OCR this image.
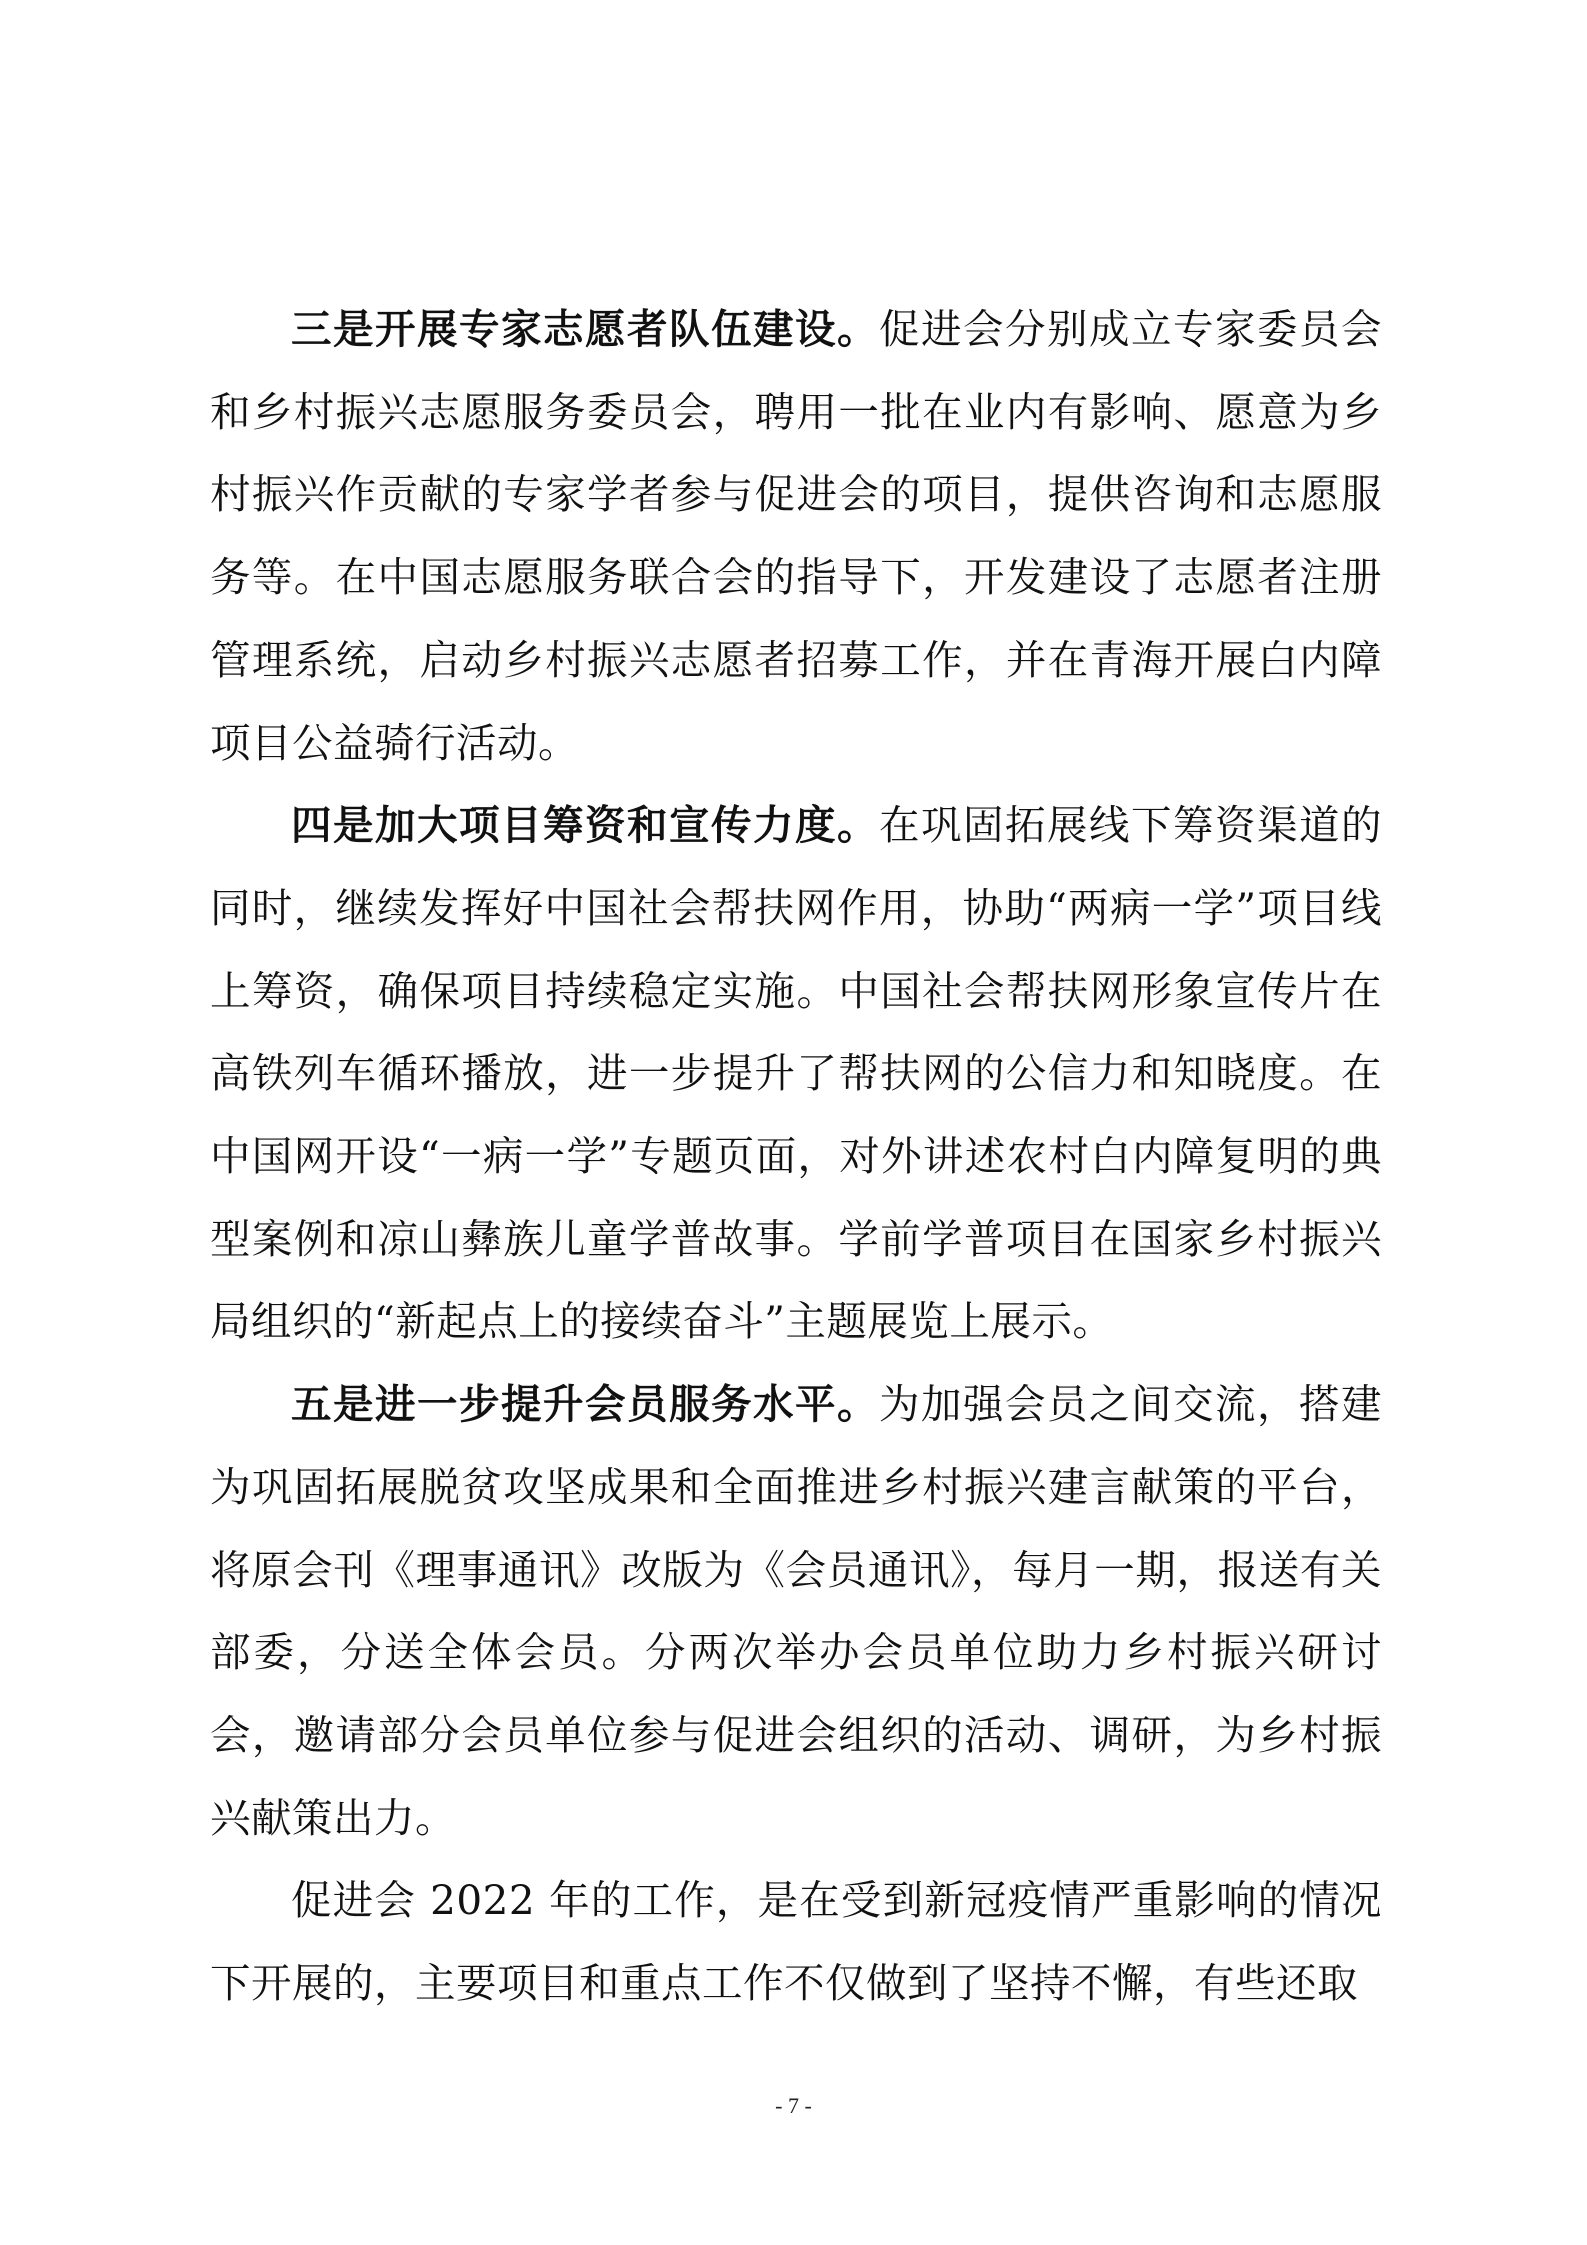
三是开展专家志愿者队伍建设。促进会分别成立专家委员会和乡村振兴志愿服务委员会，聘用一批在业内有影响、愿意为乡村振兴作贡献的专家学者参与促进会的项目，提供咨询和志愿服务等。在中国志愿服务联合会的指导下，开发建设了志愿者注册管理系统，启动乡村振兴志愿者招募工作，并在青海开展白内障项目公益骑行活动。

四是加大项目筹资和宣传力度。在巩固拓展线下筹资渠道的同时，继续发挥好中国社会帮扶网作用，协助“两病一学”项目线上筹资，确保项目持续稳定实施。中国社会帮扶网形象宣传片在高铁列车循环播放，进一步提升了帮扶网的公信力和知晓度。在中国网开设“一病一学”专题页面，对外讲述农村白内障复明的典型案例和凉山彝族儿童学普故事。学前学普项目在国家乡村振兴局组织的“新起点上的接续奋斗”主题展览上展示。

五是进一步提升会员服务水平。为加强会员之间交流，搭建为巩固拓展脱贫攻坚成果和全面推进乡村振兴建言献策的平台，将原会刊《理事通讯》改版为《会员通讯》，每月一期，报送有关部委，分送全体会员。分两次举办会员单位助力乡村振兴研讨会，邀请部分会员单位参与促进会组织的活动、调研，为乡村振兴献策出力。

促进会 2022 年的工作，是在受到新冠疫情严重影响的情况下开展的，主要项目和重点工作不仅做到了坚持不懈，有些还取

- 7 -
